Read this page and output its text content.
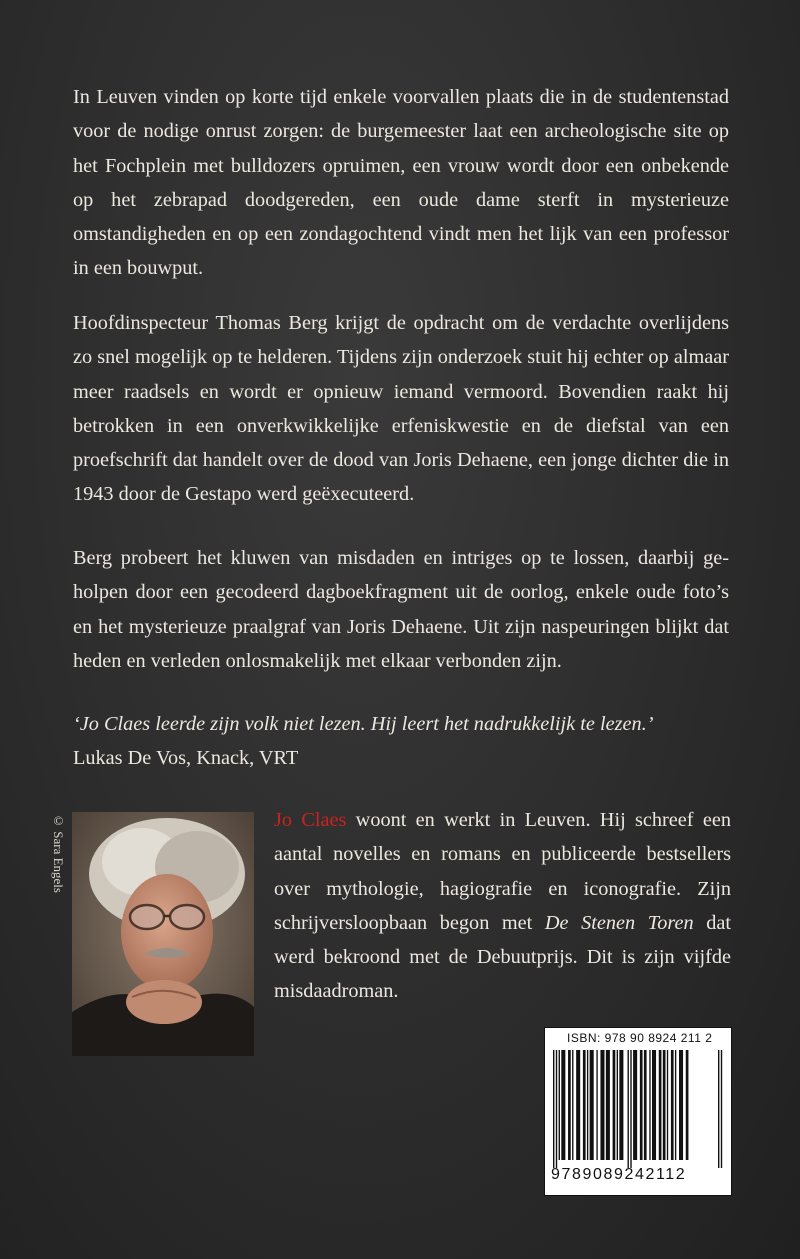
In Leuven vinden op korte tijd enkele voorvallen plaats die in de studentenstad voor de nodige onrust zorgen: de burgemeester laat een archeologische site op het Fochplein met bulldozers opruimen, een vrouw wordt door een onbekende op het zebrapad doodgereden, een oude dame sterft in mysterieuze omstandigheden en op een zondagochtend vindt men het lijk van een professor in een bouwput.

Hoofdinspecteur Thomas Berg krijgt de opdracht om de verdachte overlijdens zo snel mogelijk op te helderen. Tijdens zijn onderzoek stuit hij echter op almaar meer raadsels en wordt er opnieuw iemand vermoord. Bovendien raakt hij betrokken in een onverkwikkelijke erfeniskwestie en de diefstal van een proefschrift dat handelt over de dood van Joris Dehaene, een jonge dichter die in 1943 door de Gestapo werd geëxecuteerd.

Berg probeert het kluwen van misdaden en intriges op te lossen, daarbij geholpen door een gecodeerd dagboekfragment uit de oorlog, enkele oude foto’s en het mysterieuze praalgraf van Joris Dehaene. Uit zijn naspeuringen blijkt dat heden en verleden onlosmakelijk met elkaar verbonden zijn.

‘Jo Claes leerde zijn volk niet lezen. Hij leert het nadrukkelijk te lezen.’
Lukas De Vos, Knack, VRT
© Sara Engels	Jo Claes woont en werkt in Leuven. Hij schreef een aantal novelles en romans en publiceerde bestsellers over mythologie, hagiografie en iconografie. Zijn schrijversloopbaan begon met De Stenen Toren dat werd bekroond met de Debuutprijs. Dit is zijn vijfde misdaadroman.
ISBN: 978 90 8924 211 2
9789089242112
